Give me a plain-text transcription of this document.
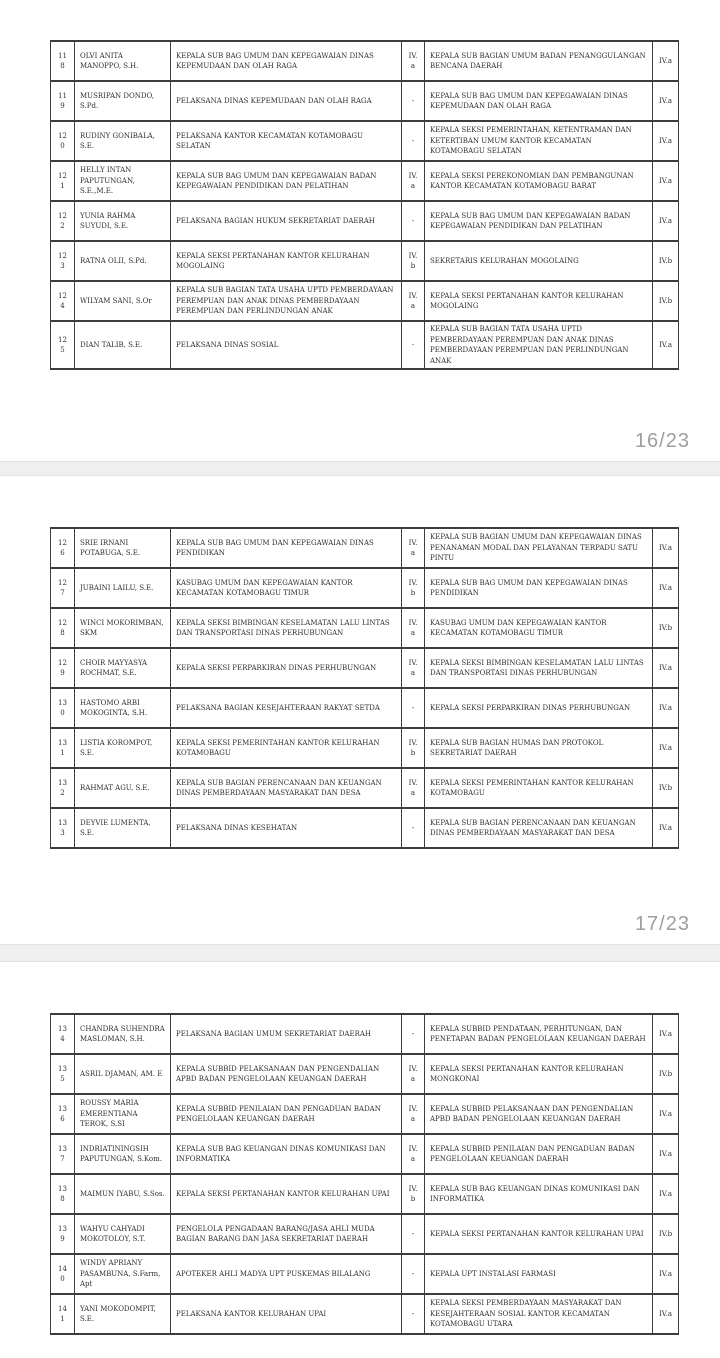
118	OLVI ANITA MANOPPO, S.H.	KEPALA SUB BAG UMUM DAN KEPEGAWAIAN DINAS KEPEMUDAAN DAN OLAH RAGA	IV.a	KEPALA SUB BAGIAN UMUM BADAN PENANGGULANGAN BENCANA DAERAH	IV.a
119	MUSRIPAN DONDO, S.Pd.	PELAKSANA DINAS KEPEMUDAAN DAN OLAH RAGA	-	KEPALA SUB BAG UMUM DAN KEPEGAWAIAN DINAS KEPEMUDAAN DAN OLAH RAGA	IV.a
120	RUDINY GONIBALA, S.E.	PELAKSANA KANTOR KECAMATAN KOTAMOBAGU SELATAN	-	KEPALA SEKSI PEMERINTAHAN, KETENTRAMAN DAN KETERTIBAN UMUM KANTOR KECAMATAN KOTAMOBAGU SELATAN	IV.a
121	HELLY INTAN PAPUTUNGAN, S.E.,M.E.	KEPALA SUB BAG UMUM DAN KEPEGAWAIAN BADAN KEPEGAWAIAN PENDIDIKAN DAN PELATIHAN	IV.a	KEPALA SEKSI PEREKONOMIAN DAN PEMBANGUNAN KANTOR KECAMATAN KOTAMOBAGU BARAT	IV.a
122	YUNIA RAHMA SUYUDI, S.E.	PELAKSANA BAGIAN HUKUM SEKRETARIAT DAERAH	-	KEPALA SUB BAG UMUM DAN KEPEGAWAIAN BADAN KEPEGAWAIAN PENDIDIKAN DAN PELATIHAN	IV.a
123	RATNA OLII, S.Pd.	KEPALA SEKSI PERTANAHAN KANTOR KELURAHAN MOGOLAING	IV.b	SEKRETARIS KELURAHAN MOGOLAING	IV.b
124	WILYAM SANI, S.Or	KEPALA SUB BAGIAN TATA USAHA UPTD PEMBERDAYAAN PEREMPUAN DAN ANAK DINAS PEMBERDAYAAN PEREMPUAN DAN PERLINDUNGAN ANAK	IV.a	KEPALA SEKSI PERTANAHAN KANTOR KELURAHAN MOGOLAING	IV.b
125	DIAN TALIB, S.E.	PELAKSANA DINAS SOSIAL	-	KEPALA SUB BAGIAN TATA USAHA UPTD PEMBERDAYAAN PEREMPUAN DAN ANAK DINAS PEMBERDAYAAN PEREMPUAN DAN PERLINDUNGAN ANAK	IV.a
16/23
126	SRIE IRNANI POTABUGA, S.E.	KEPALA SUB BAG UMUM DAN KEPEGAWAIAN DINAS PENDIDIKAN	IV.a	KEPALA SUB BAGIAN UMUM DAN KEPEGAWAIAN DINAS PENANAMAN MODAL DAN PELAYANAN TERPADU SATU PINTU	IV.a
127	JUBAINI LAILU, S.E.	KASUBAG UMUM DAN KEPEGAWAIAN KANTOR KECAMATAN KOTAMOBAGU TIMUR	IV.b	KEPALA SUB BAG UMUM DAN KEPEGAWAIAN DINAS PENDIDIKAN	IV.a
128	WINCI MOKORIMBAN, SKM	KEPALA SEKSI BIMBINGAN KESELAMATAN LALU LINTAS DAN TRANSPORTASI DINAS PERHUBUNGAN	IV.a	KASUBAG UMUM DAN KEPEGAWAIAN KANTOR KECAMATAN KOTAMOBAGU TIMUR	IV.b
129	CHOIR MAYYASYA ROCHMAT, S.E.	KEPALA SEKSI PERPARKIRAN DINAS PERHUBUNGAN	IV.a	KEPALA SEKSI BIMBINGAN KESELAMATAN LALU LINTAS DAN TRANSPORTASI DINAS PERHUBUNGAN	IV.a
130	HASTOMO ARBI MOKOGINTA, S.H.	PELAKSANA BAGIAN KESEJAHTERAAN RAKYAT SETDA	-	KEPALA SEKSI PERPARKIRAN DINAS PERHUBUNGAN	IV.a
131	LISTIA KOROMPOT, S.E.	KEPALA SEKSI PEMERINTAHAN KANTOR KELURAHAN KOTAMOBAGU	IV.b	KEPALA SUB BAGIAN HUMAS DAN PROTOKOL SEKRETARIAT DAERAH	IV.a
132	RAHMAT AGU, S.E.	KEPALA SUB BAGIAN PERENCANAAN DAN KEUANGAN DINAS PEMBERDAYAAN MASYARAKAT DAN DESA	IV.a	KEPALA SEKSI PEMERINTAHAN KANTOR KELURAHAN KOTAMOBAGU	IV.b
133	DEYVIE LUMENTA, S.E.	PELAKSANA DINAS KESEHATAN	-	KEPALA SUB BAGIAN PERENCANAAN DAN KEUANGAN DINAS PEMBERDAYAAN MASYARAKAT DAN DESA	IV.a
17/23
134	CHANDRA SUHENDRA MASLOMAN, S.H.	PELAKSANA BAGIAN UMUM SEKRETARIAT DAERAH	-	KEPALA SUBBID PENDATAAN, PERHITUNGAN, DAN PENETAPAN BADAN PENGELOLAAN KEUANGAN DAERAH	IV.a
135	ASRIL DJAMAN, AM. E	KEPALA SUBBID PELAKSANAAN DAN PENGENDALIAN APBD BADAN PENGELOLAAN KEUANGAN DAERAH	IV.a	KEPALA SEKSI PERTANAHAN KANTOR KELURAHAN MONGKONAI	IV.b
136	ROUSSY MARIA EMERENTIANA TEROK, S.SI	KEPALA SUBBID PENILAIAN DAN PENGADUAN BADAN PENGELOLAAN KEUANGAN DAERAH	IV.a	KEPALA SUBBID PELAKSANAAN DAN PENGENDALIAN APBD BADAN PENGELOLAAN KEUANGAN DAERAH	IV.a
137	INDRIATININGSIH PAPUTUNGAN, S.Kom.	KEPALA SUB BAG KEUANGAN DINAS KOMUNIKASI DAN INFORMATIKA	IV.a	KEPALA SUBBID PENILAIAN DAN PENGADUAN BADAN PENGELOLAAN KEUANGAN DAERAH	IV.a
138	MAIMUN IYABU, S.Sos.	KEPALA SEKSI PERTANAHAN KANTOR KELURAHAN UPAI	IV.b	KEPALA SUB BAG KEUANGAN DINAS KOMUNIKASI DAN INFORMATIKA	IV.a
139	WAHYU CAHYADI MOKOTOLOY, S.T.	PENGELOLA PENGADAAN BARANG/JASA AHLI MUDA BAGIAN BARANG DAN JASA SEKRETARIAT DAERAH	-	KEPALA SEKSI PERTANAHAN KANTOR KELURAHAN UPAI	IV.b
140	WINDY APRIANY PASAMBUNA, S.Farm, Apt	APOTEKER AHLI MADYA UPT PUSKEMAS BILALANG	-	KEPALA UPT INSTALASI FARMASI	IV.a
141	YANI MOKODOMPIT, S.E.	PELAKSANA KANTOR KELURAHAN UPAI	-	KEPALA SEKSI PEMBERDAYAAN MASYARAKAT DAN KESEJAHTERAAN SOSIAL KANTOR KECAMATAN KOTAMOBAGU UTARA	IV.a
